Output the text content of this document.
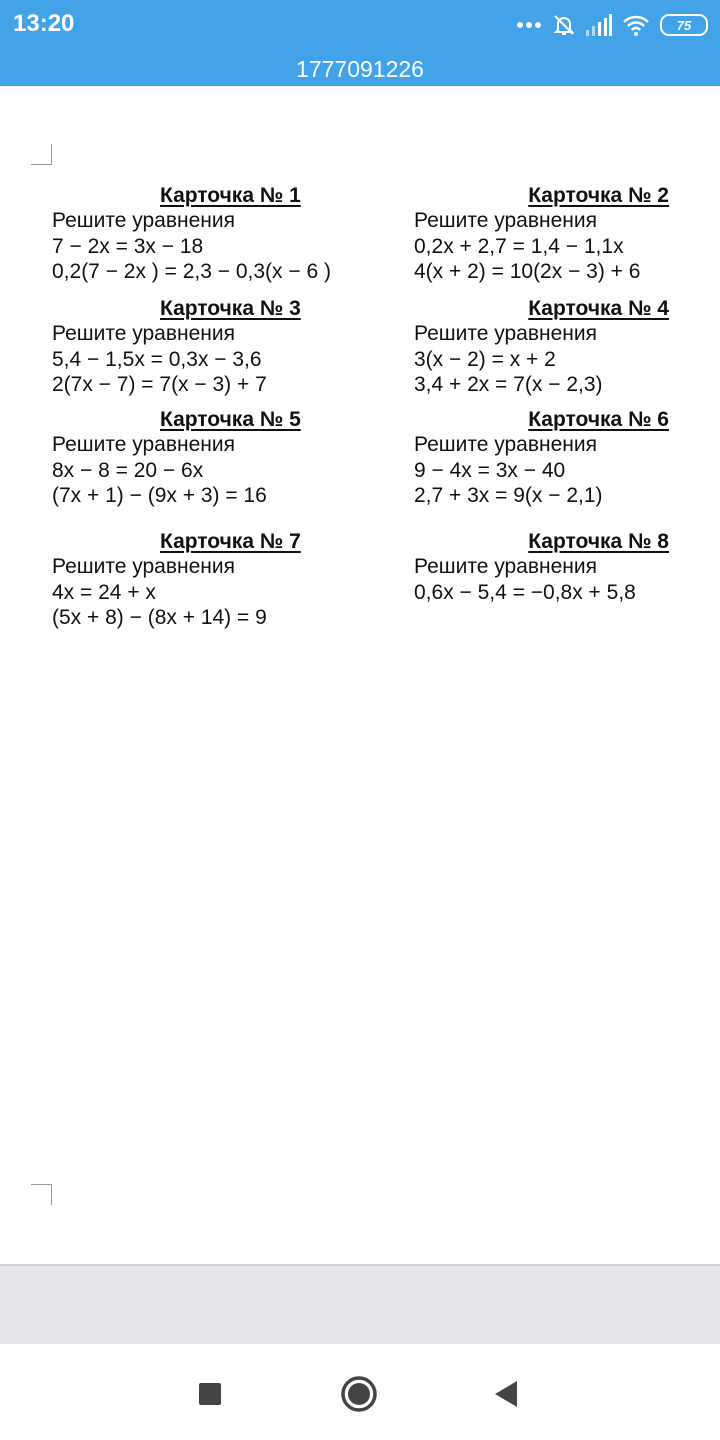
13:20	75
1777091226
Карточка № 1
Решите уравнения
7 − 2x = 3x − 18
0,2(7 − 2x ) = 2,3 − 0,3(x − 6 )
Карточка № 2
Решите уравнения
0,2x + 2,7 = 1,4 − 1,1x
4(x + 2) = 10(2x − 3) + 6
Карточка № 3
Решите уравнения
5,4 − 1,5x = 0,3x − 3,6
2(7x − 7) = 7(x − 3) + 7
Карточка № 4
Решите уравнения
3(x − 2) = x + 2
3,4 + 2x = 7(x − 2,3)
Карточка № 5
Решите уравнения
8x − 8 = 20 − 6x
(7x + 1) − (9x + 3) = 16
Карточка № 6
Решите уравнения
9 − 4x = 3x − 40
2,7 + 3x = 9(x − 2,1)
Карточка № 7
Решите уравнения
4x = 24 + x
(5x + 8) − (8x + 14) = 9
Карточка № 8
Решите уравнения
0,6x − 5,4 = −0,8x + 5,8
